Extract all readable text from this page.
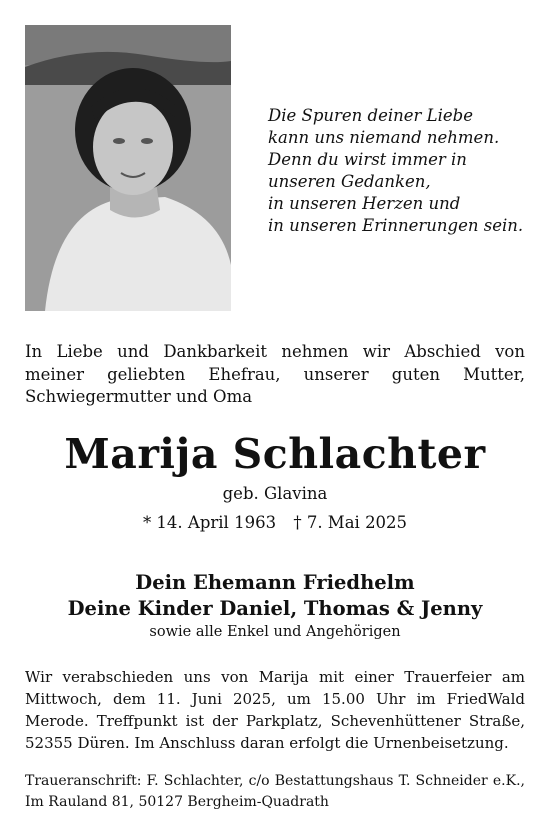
Die Spuren deiner Liebe
kann uns niemand nehmen.
Denn du wirst immer in
unseren Gedanken,
in unseren Herzen und
in unseren Erinnerungen sein.
In Liebe und Dankbarkeit nehmen wir Abschied von meiner geliebten Ehefrau, unserer guten Mutter, Schwiegermutter und Oma
Marija Schlachter
geb. Glavina
* 14. April 1963 † 7. Mai 2025
Dein Ehemann Friedhelm
Deine Kinder Daniel, Thomas & Jenny
sowie alle Enkel und Angehörigen
Wir verabschieden uns von Marija mit einer Trauerfeier am Mittwoch, dem 11. Juni 2025, um 15.00 Uhr im FriedWald Merode. Treffpunkt ist der Parkplatz, Schevenhüttener Straße, 52355 Düren. Im Anschluss daran erfolgt die Urnenbeisetzung.
Traueranschrift: F. Schlachter, c/o Bestattungshaus T. Schneider e.K., Im Rauland 81, 50127 Bergheim-Quadrath
